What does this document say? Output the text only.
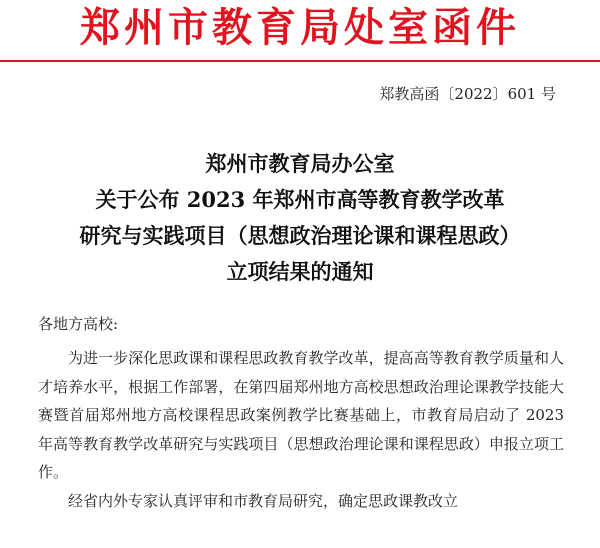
郑州市教育局处室函件
郑教高函〔2022〕601 号
郑州市教育局办公室
关于公布 2023 年郑州市高等教育教学改革
研究与实践项目（思想政治理论课和课程思政）
立项结果的通知
各地方高校:

为进一步深化思政课和课程思政教育教学改革，提高高等教育教学质量和人才培养水平，根据工作部署，在第四届郑州地方高校思想政治理论课教学技能大赛暨首届郑州地方高校课程思政案例教学比赛基础上，市教育局启动了 2023 年高等教育教学改革研究与实践项目（思想政治理论课和课程思政）申报立项工作。

经省内外专家认真评审和市教育局研究，确定思政课教改立
